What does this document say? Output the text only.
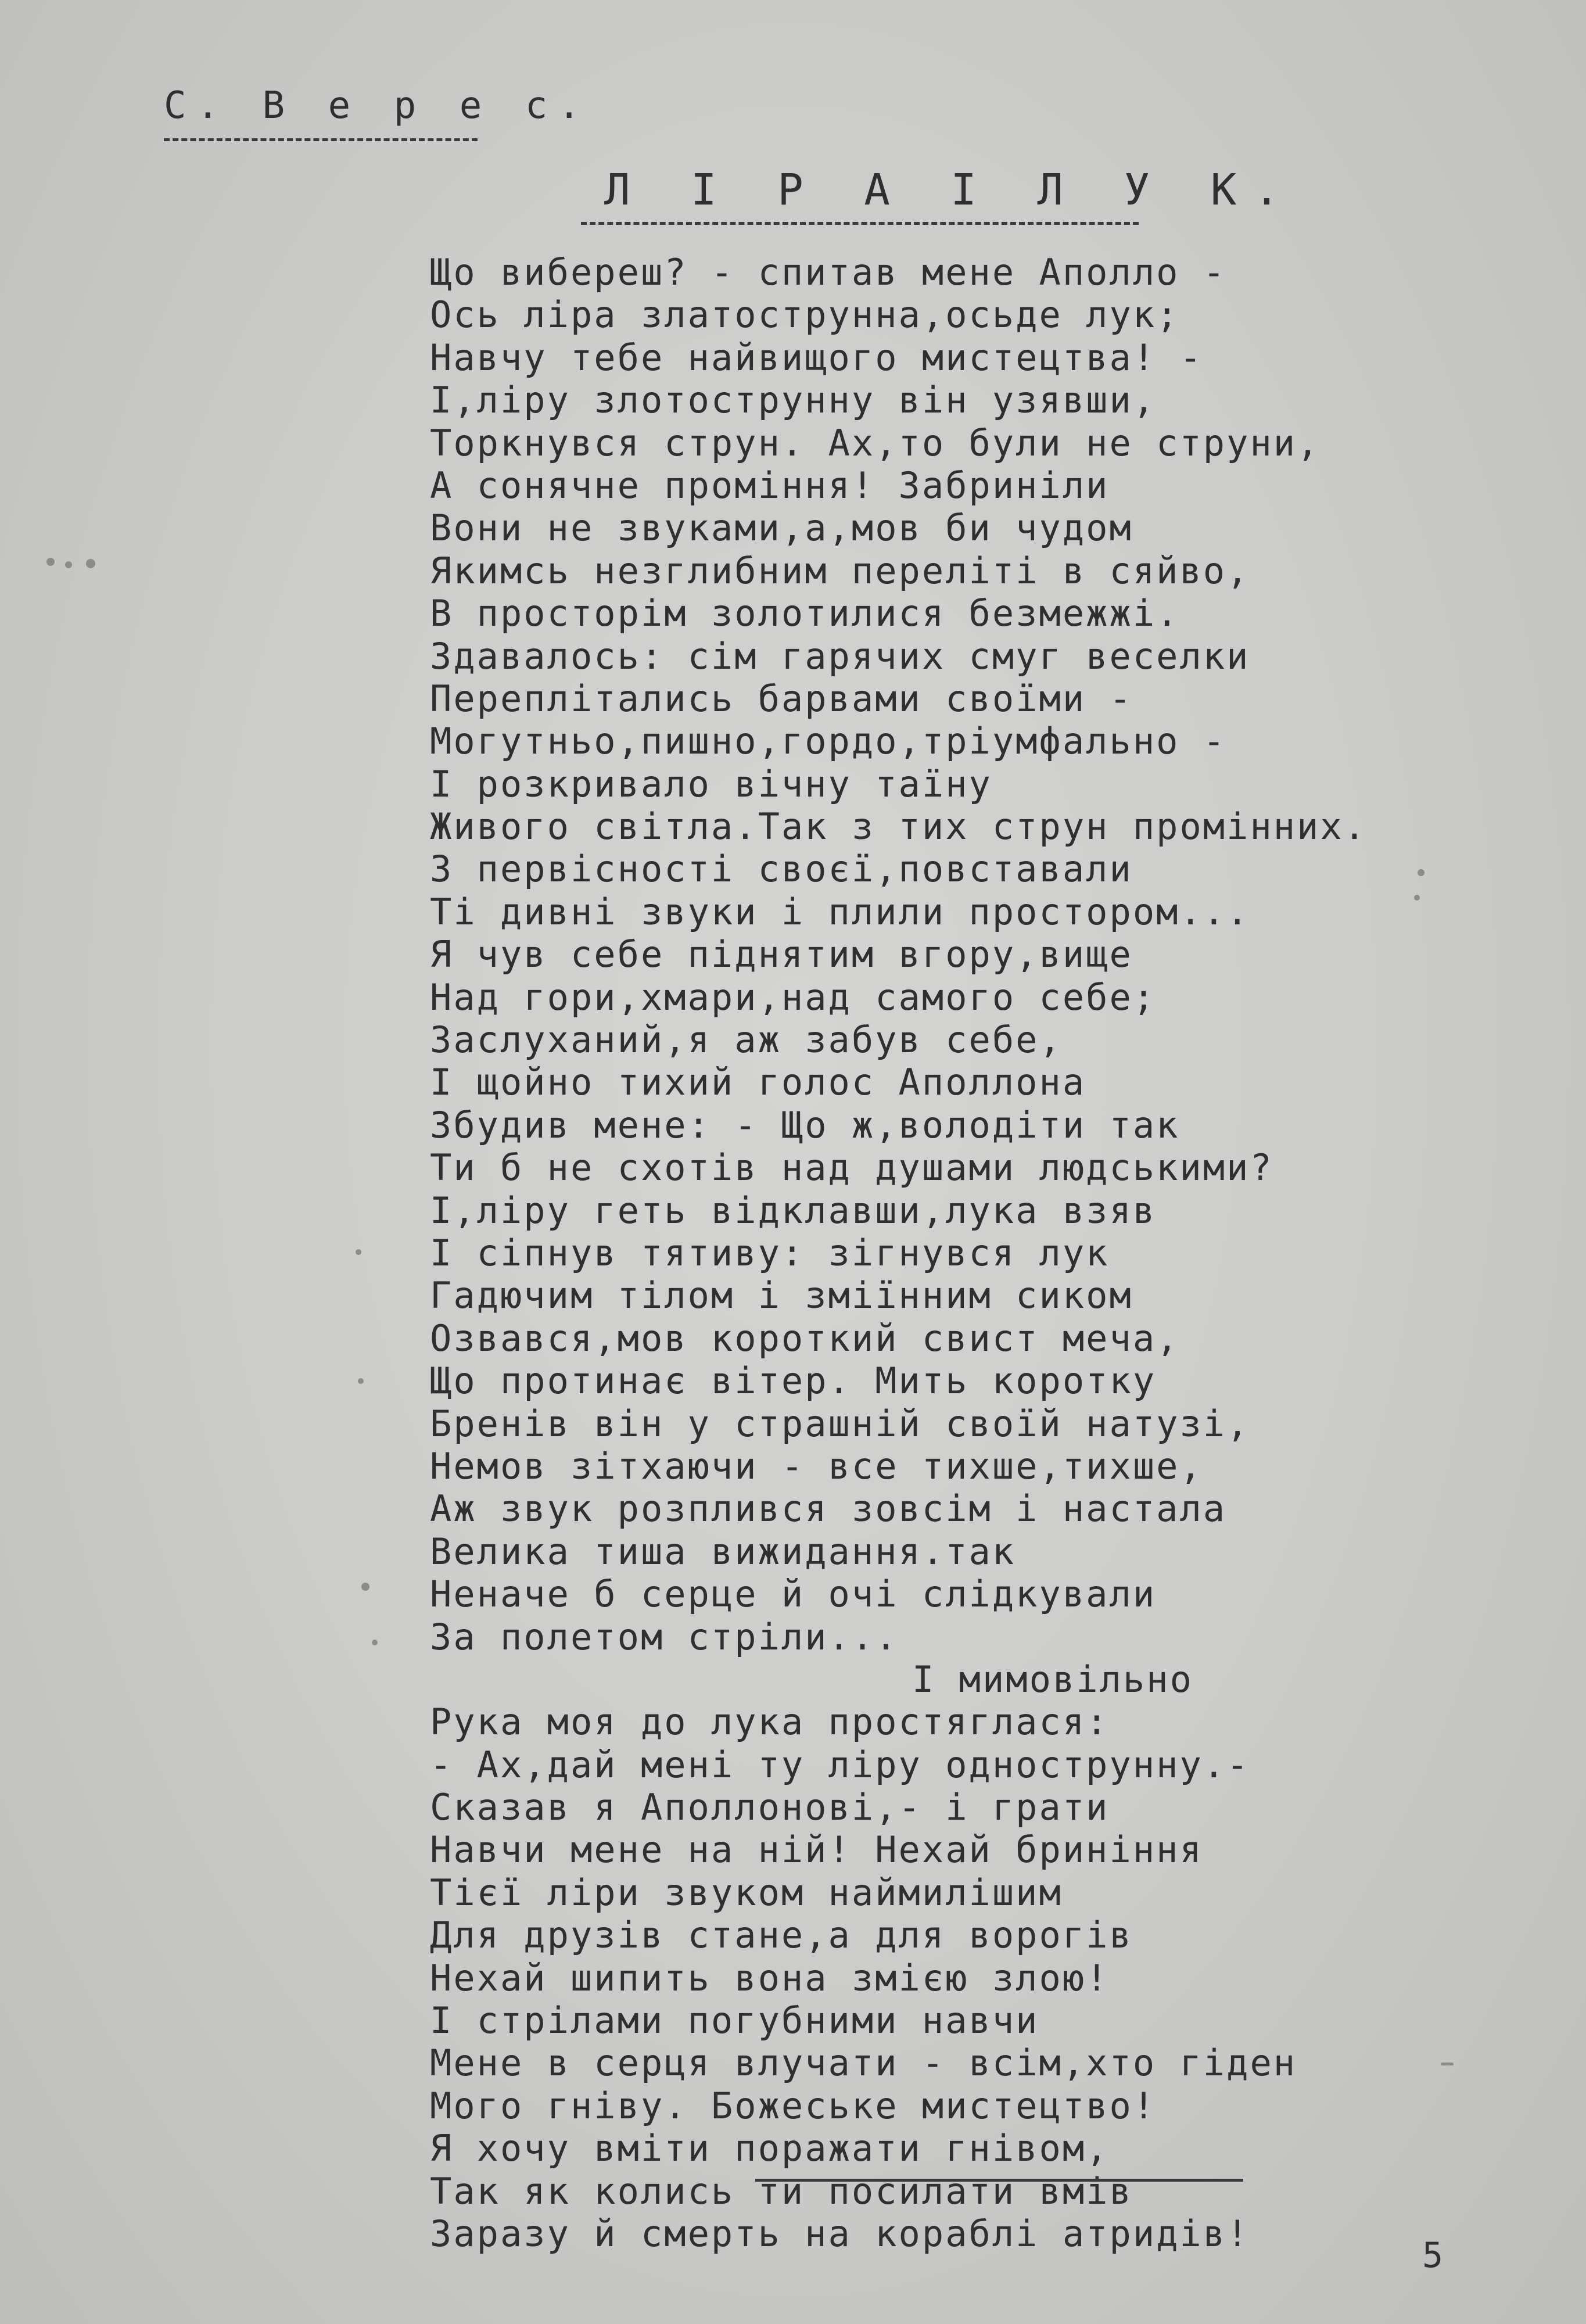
С. В е р е с.
Л І Р А І Л У К.
Що вибереш? - спитав мене Аполло -
Ось ліра златострунна,осьде лук;
Навчу тебе найвищого мистецтва! -
І,ліру злотострунну він узявши,
Торкнувся струн. Ах,то були не струни,
А сонячне проміння! Забриніли
Вони не звуками,а,мов би чудом
Якимсь незглибним переліті в сяйво,
В просторім золотилися безмежжі.
Здавалось: сім гарячих смуг веселки
Переплітались барвами своїми -
Могутньо,пишно,гордо,тріумфально -
І розкривало вічну таїну
Живого світла.Так з тих струн промінних.
З первісності своєї,повставали
Ті дивні звуки і плили простором...
Я чув себе піднятим вгору,вище
Над гори,хмари,над самого себе;
Заслуханий,я аж забув себе,
І щойно тихий голос Аполлона
Збудив мене: - Що ж,володіти так
Ти б не схотів над душами людськими?
І,ліру геть відклавши,лука взяв
І сіпнув тятиву: зігнувся лук
Гадючим тілом і зміїнним сиком
Озвався,мов короткий свист меча,
Що протинає вітер. Мить коротку
Бренів він у страшній своїй натузі,
Немов зітхаючи - все тихше,тихше,
Аж звук розплився зовсім і настала
Велика тиша вижидання.так
Неначе б серце й очі слідкували
За полетом стріли...
І мимовільно
Рука моя до лука простяглася:
- Ах,дай мені ту ліру однострунну.-
Сказав я Аполлонові,- і грати
Навчи мене на ній! Нехай бриніння
Тієї ліри звуком наймилішим
Для друзів стане,а для ворогів
Нехай шипить вона змією злою!
І стрілами погубними навчи
Мене в серця влучати - всім,хто гіден
Мого гніву. Божеське мистецтво!
Я хочу вміти поражати гнівом,
Так як колись ти посилати вмів
Заразу й смерть на кораблі атридів!
5
